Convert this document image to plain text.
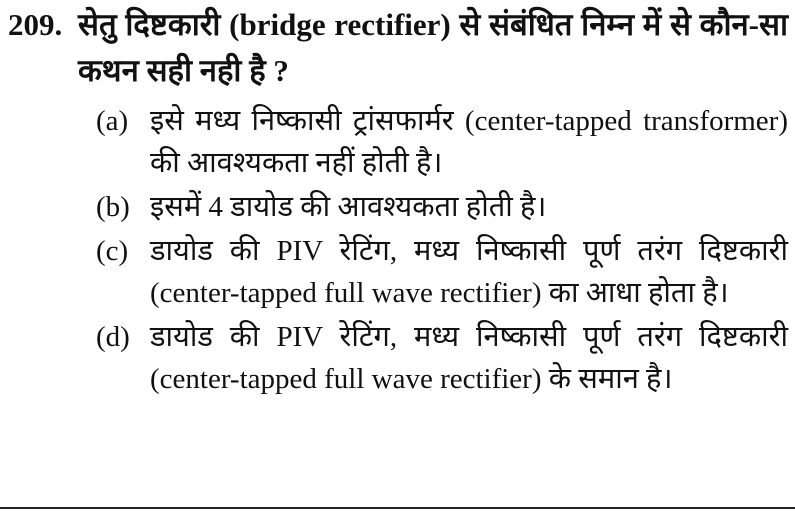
209. सेतु दिष्टकारी (bridge rectifier) से संबंधित निम्न में से कौन-सा कथन सही नही है ?
(a) इसे मध्य निष्कासी ट्रांसफार्मर (center-tapped transformer) की आवश्यकता नहीं होती है।
(b) इसमें 4 डायोड की आवश्यकता होती है।
(c) डायोड की PIV रेटिंग, मध्य निष्कासी पूर्ण तरंग दिष्टकारी (center-tapped full wave rectifier) का आधा होता है।
(d) डायोड की PIV रेटिंग, मध्य निष्कासी पूर्ण तरंग दिष्टकारी (center-tapped full wave rectifier) के समान है।
